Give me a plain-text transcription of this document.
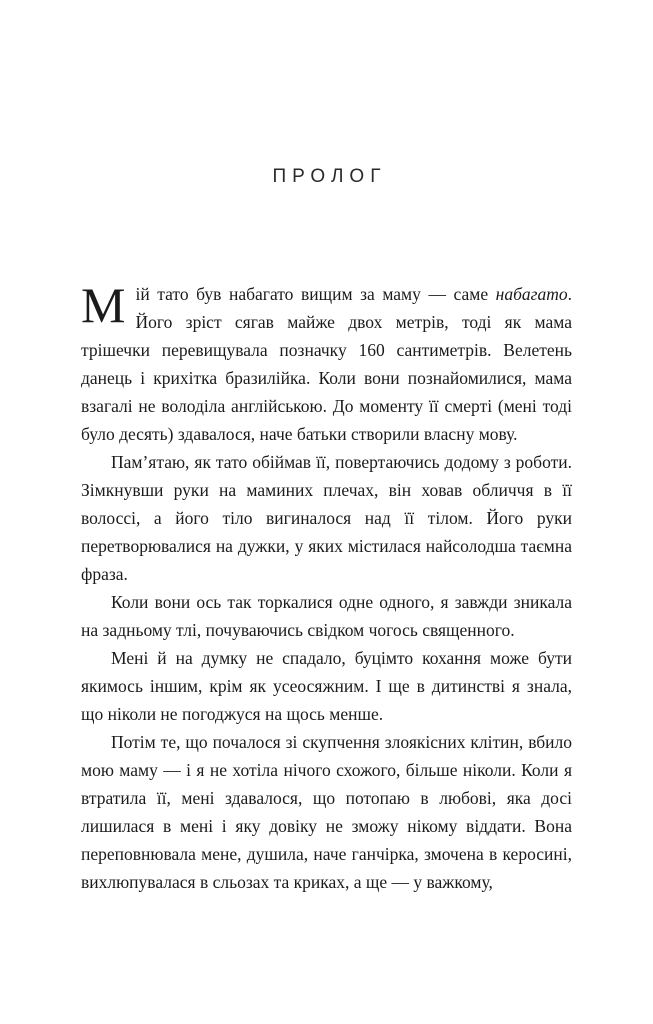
ПРОЛОГ

Мій тато був набагато вищим за маму — саме набагато. Його зріст сягав майже двох метрів, тоді як мама трішечки перевищувала позначку 160 сантиметрів. Велетень данець і крихітка бразилійка. Коли вони познайомилися, мама взагалі не володіла англійською. До моменту її смерті (мені тоді було десять) здавалося, наче батьки створили власну мову.

Пам’ятаю, як тато обіймав її, повертаючись додому з роботи. Зімкнувши руки на маминих плечах, він ховав обличчя в її волоссі, а його тіло вигиналося над її тілом. Його руки перетворювалися на дужки, у яких містилася найсолодша таємна фраза.

Коли вони ось так торкалися одне одного, я завжди зникала на задньому тлі, почуваючись свідком чогось священного.

Мені й на думку не спадало, буцімто кохання може бути якимось іншим, крім як усеосяжним. І ще в дитинстві я знала, що ніколи не погоджуся на щось менше.

Потім те, що почалося зі скупчення злоякісних клітин, вбило мою маму — і я не хотіла нічого схожого, більше ніколи. Коли я втратила її, мені здавалося, що потопаю в любові, яка досі лишилася в мені і яку довіку не зможу нікому віддати. Вона переповнювала мене, душила, наче ганчірка, змочена в керосині, вихлюпувалася в сльозах та криках, а ще — у важкому,
